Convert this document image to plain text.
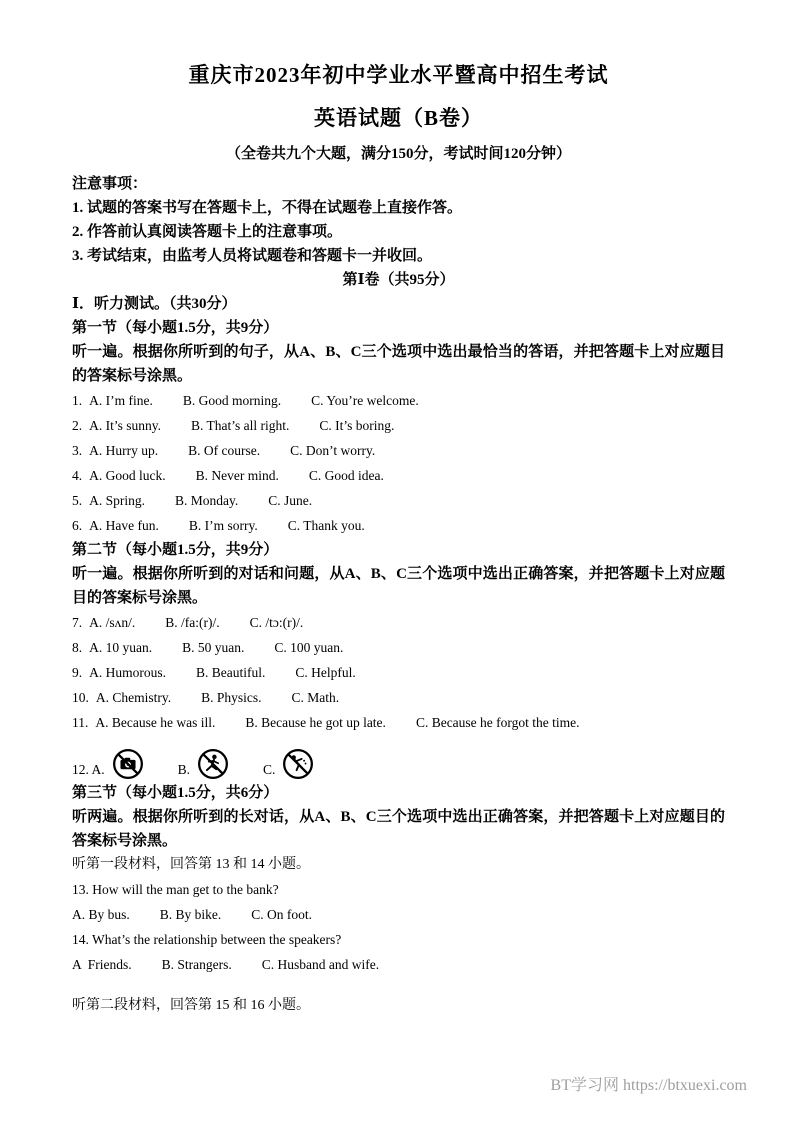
重庆市2023年初中学业水平暨高中招生考试
英语试题（B卷）
（全卷共九个大题，满分150分，考试时间120分钟）
注意事项：
1. 试题的答案书写在答题卡上，不得在试题卷上直接作答。
2. 作答前认真阅读答题卡上的注意事项。
3. 考试结束，由监考人员将试题卷和答题卡一并收回。
第Ⅰ卷（共95分）
Ⅰ．听力测试。（共30分）
第一节（每小题1.5分，共9分）
听一遍。根据你所听到的句子，从A、B、C三个选项中选出最恰当的答语，并把答题卡上对应题目的答案标号涂黑。
1. A. I’m fine. B. Good morning. C. You’re welcome.
2. A. It’s sunny. B. That’s all right. C. It’s boring.
3. A. Hurry up. B. Of course. C. Don’t worry.
4. A. Good luck. B. Never mind. C. Good idea.
5. A. Spring. B. Monday. C. June.
6. A. Have fun. B. I’m sorry. C. Thank you.
第二节（每小题1.5分，共9分）
听一遍。根据你所听到的对话和问题，从A、B、C三个选项中选出正确答案，并把答题卡上对应题目的答案标号涂黑。
7. A. /sʌn/. B. /fa:(r)/. C. /tɔ:(r)/.
8. A. 10 yuan. B. 50 yuan. C. 100 yuan.
9. A. Humorous. B. Beautiful. C. Helpful.
10. A. Chemistry. B. Physics. C. Math.
11. A. Because he was ill. B. Because he got up late. C. Because he forgot the time.
12. A.	B.	C.
第三节（每小题1.5分，共6分）
听两遍。根据你所听到的长对话，从A、B、C三个选项中选出正确答案，并把答题卡上对应题目的答案标号涂黑。
听第一段材料，回答第 13 和 14 小题。
13. How will the man get to the bank?
A. By bus. B. By bike. C. On foot.
14. What’s the relationship between the speakers?
A  Friends. B. Strangers. C. Husband and wife.
听第二段材料，回答第 15 和 16 小题。
BT学习网 https://btxuexi.com
